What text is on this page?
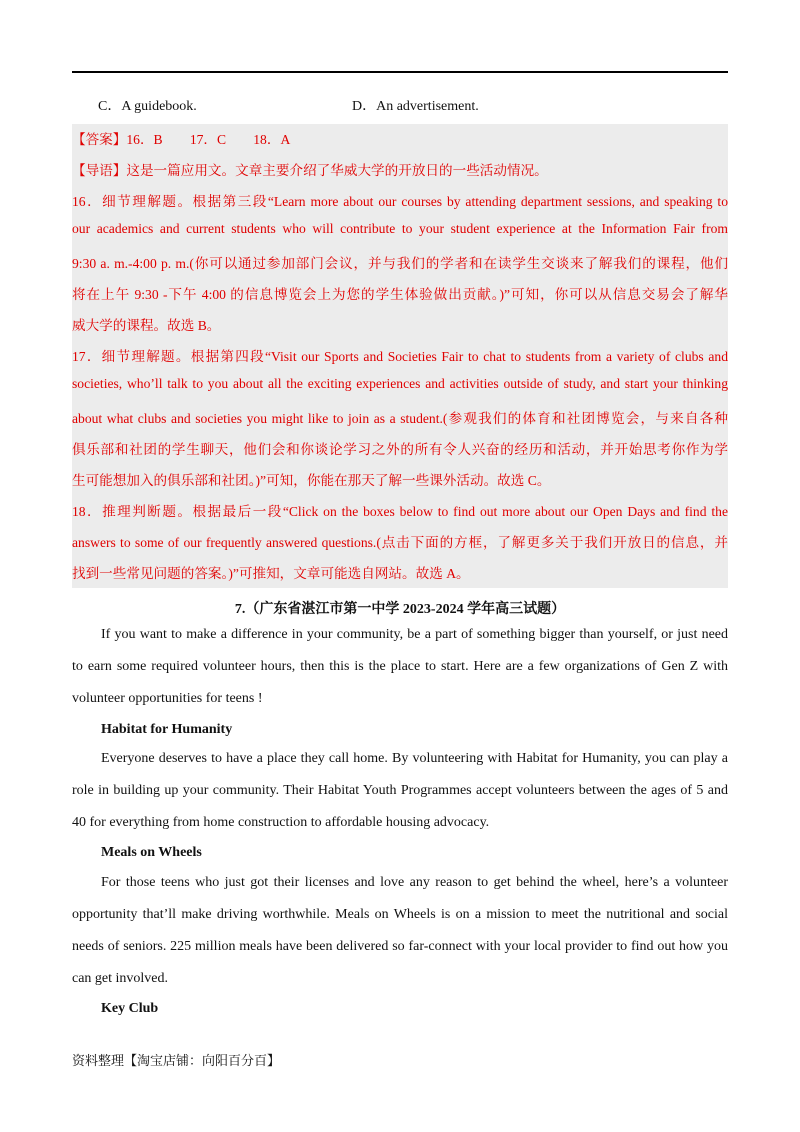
C．A guidebook.	D．An advertisement.
【答案】16．B　　17．C　　18．A
【导语】这是一篇应用文。文章主要介绍了华威大学的开放日的一些活动情况。
16．细节理解题。根据第三段“Learn more about our courses by attending department sessions, and speaking to
our academics and current students who will contribute to your student experience at the Information Fair from
9:30 a. m.-4:00 p. m.(你可以通过参加部门会议，并与我们的学者和在读学生交谈来了解我们的课程，他们
将在上午 9:30 -下午 4:00 的信息博览会上为您的学生体验做出贡献。)”可知，你可以从信息交易会了解华
威大学的课程。故选 B。
17．细节理解题。根据第四段“Visit our Sports and Societies Fair to chat to students from a variety of clubs and
societies, who’ll talk to you about all the exciting experiences and activities outside of study, and start your thinking
about what clubs and societies you might like to join as a student.(参观我们的体育和社团博览会，与来自各种
俱乐部和社团的学生聊天，他们会和你谈论学习之外的所有令人兴奋的经历和活动，并开始思考你作为学
生可能想加入的俱乐部和社团。)”可知，你能在那天了解一些课外活动。故选 C。
18．推理判断题。根据最后一段“Click on the boxes below to find out more about our Open Days and find the
answers to some of our frequently answered questions.(点击下面的方框，了解更多关于我们开放日的信息，并
找到一些常见问题的答案。)”可推知，文章可能选自网站。故选 A。
7.（广东省湛江市第一中学 2023-2024 学年高三试题）
If you want to make a difference in your community, be a part of something bigger than yourself, or just need
to earn some required volunteer hours, then this is the place to start. Here are a few organizations of Gen Z with
volunteer opportunities for teens !
Habitat for Humanity
Everyone deserves to have a place they call home. By volunteering with Habitat for Humanity, you can play a
role in building up your community. Their Habitat Youth Programmes accept volunteers between the ages of 5 and
40 for everything from home construction to affordable housing advocacy.
Meals on Wheels
For those teens who just got their licenses and love any reason to get behind the wheel, here’s a volunteer
opportunity that’ll make driving worthwhile. Meals on Wheels is on a mission to meet the nutritional and social
needs of seniors. 225 million meals have been delivered so far-connect with your local provider to find out how you
can get involved.
Key Club
资料整理【淘宝店铺：向阳百分百】
